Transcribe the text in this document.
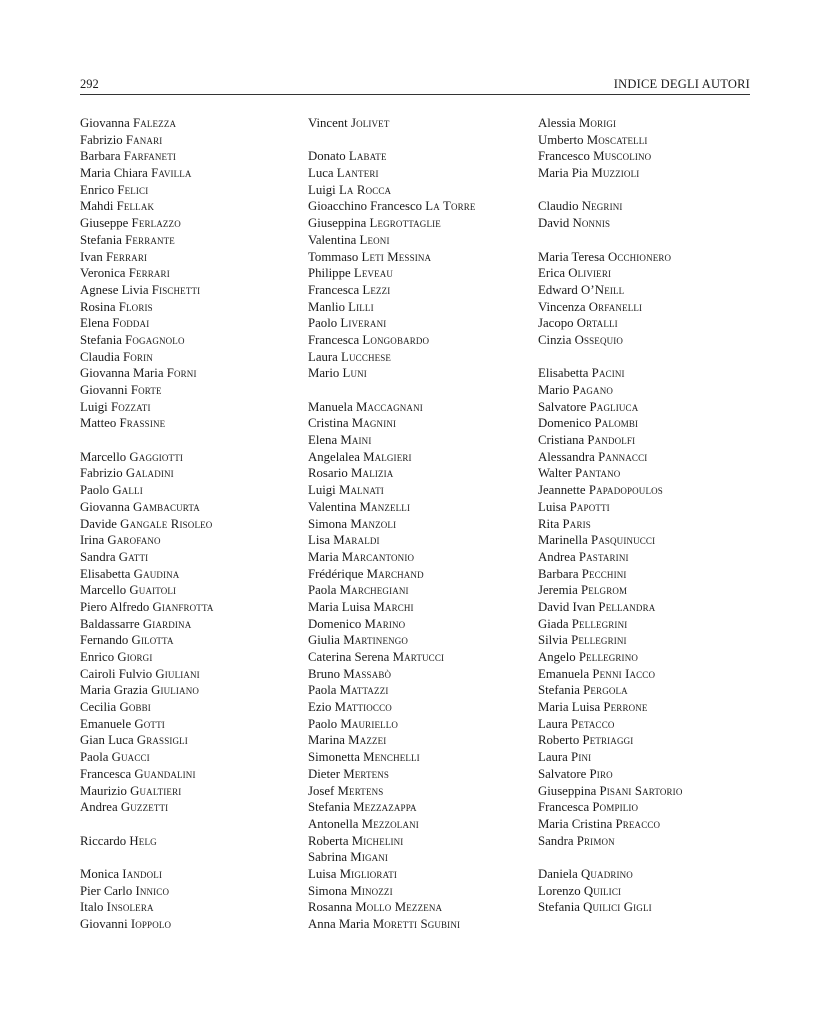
292	INDICE DEGLI AUTORI
Giovanna Falezza
Fabrizio Fanari
Barbara Farfaneti
Maria Chiara Favilla
Enrico Felici
Mahdi Fellak
Giuseppe Ferlazzo
Stefania Ferrante
Ivan Ferrari
Veronica Ferrari
Agnese Livia Fischetti
Rosina Floris
Elena Foddai
Stefania Fogagnolo
Claudia Forin
Giovanna Maria Forni
Giovanni Forte
Luigi Fozzati
Matteo Frassine
Marcello Gaggiotti
Fabrizio Galadini
Paolo Galli
Giovanna Gambacurta
Davide Gangale Risoleo
Irina Garofano
Sandra Gatti
Elisabetta Gaudina
Marcello Guaitoli
Piero Alfredo Gianfrotta
Baldassarre Giardina
Fernando Gilotta
Enrico Giorgi
Cairoli Fulvio Giuliani
Maria Grazia Giuliano
Cecilia Gobbi
Emanuele Gotti
Gian Luca Grassigli
Paola Guacci
Francesca Guandalini
Maurizio Gualtieri
Andrea Guzzetti
Riccardo Helg
Monica Iandoli
Pier Carlo Innico
Italo Insolera
Giovanni Ioppolo
Vincent Jolivet
Donato Labate
Luca Lanteri
Luigi La Rocca
Gioacchino Francesco La Torre
Giuseppina Legrottaglie
Valentina Leoni
Tommaso Leti Messina
Philippe Leveau
Francesca Lezzi
Manlio Lilli
Paolo Liverani
Francesca Longobardo
Laura Lucchese
Mario Luni
Manuela Maccagnani
Cristina Magnini
Elena Maini
Angelalea Malgieri
Rosario Malizia
Luigi Malnati
Valentina Manzelli
Simona Manzoli
Lisa Maraldi
Maria Marcantonio
Frédérique Marchand
Paola Marchegiani
Maria Luisa Marchi
Domenico Marino
Giulia Martinengo
Caterina Serena Martucci
Bruno Massabò
Paola Mattazzi
Ezio Mattiocco
Paolo Mauriello
Marina Mazzei
Simonetta Menchelli
Dieter Mertens
Josef Mertens
Stefania Mezzazappa
Antonella Mezzolani
Roberta Michelini
Sabrina Migani
Luisa Migliorati
Simona Minozzi
Rosanna Mollo Mezzena
Anna Maria Moretti Sgubini
Alessia Morigi
Umberto Moscatelli
Francesco Muscolino
Maria Pia Muzzioli
Claudio Negrini
David Nonnis
Maria Teresa Occhionero
Erica Olivieri
Edward O’Neill
Vincenza Orfanelli
Jacopo Ortalli
Cinzia Ossequio
Elisabetta Pacini
Mario Pagano
Salvatore Pagliuca
Domenico Palombi
Cristiana Pandolfi
Alessandra Pannacci
Walter Pantano
Jeannette Papadopoulos
Luisa Papotti
Rita Paris
Marinella Pasquinucci
Andrea Pastarini
Barbara Pecchini
Jeremia Pelgrom
David Ivan Pellandra
Giada Pellegrini
Silvia Pellegrini
Angelo Pellegrino
Emanuela Penni Iacco
Stefania Pergola
Maria Luisa Perrone
Laura Petacco
Roberto Petriaggi
Laura Pini
Salvatore Piro
Giuseppina Pisani Sartorio
Francesca Pompilio
Maria Cristina Preacco
Sandra Primon
Daniela Quadrino
Lorenzo Quilici
Stefania Quilici Gigli
